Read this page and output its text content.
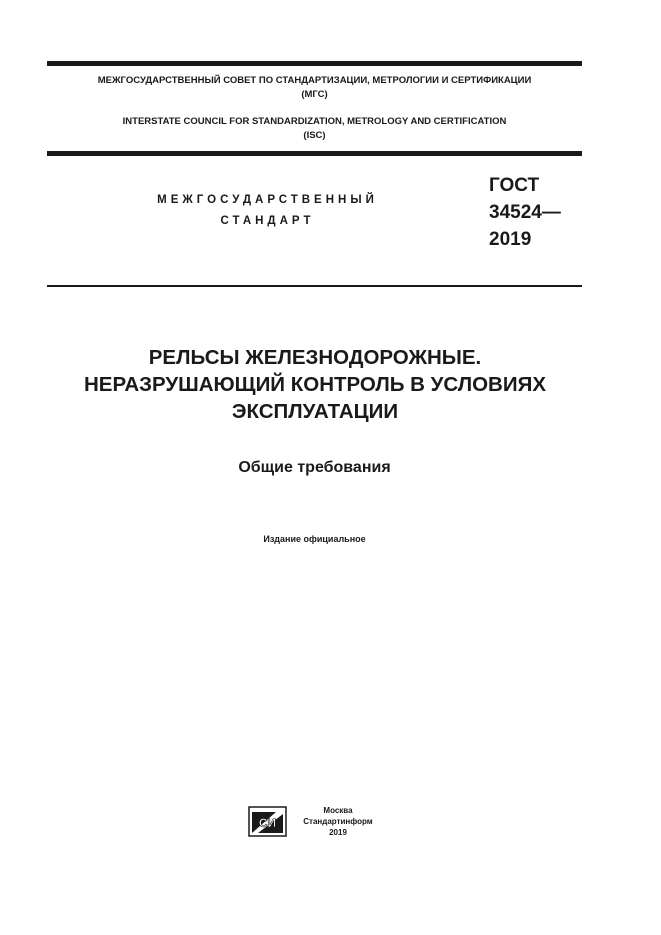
МЕЖГОСУДАРСТВЕННЫЙ СОВЕТ ПО СТАНДАРТИЗАЦИИ, МЕТРОЛОГИИ И СЕРТИФИКАЦИИ
(МГС)
INTERSTATE COUNCIL FOR STANDARDIZATION, METROLOGY AND CERTIFICATION
(ISC)
МЕЖГОСУДАРСТВЕННЫЙ
СТАНДАРТ
ГОСТ
34524—
2019
РЕЛЬСЫ ЖЕЛЕЗНОДОРОЖНЫЕ.
НЕРАЗРУШАЮЩИЙ КОНТРОЛЬ В УСЛОВИЯХ
ЭКСПЛУАТАЦИИ
Общие требования
Издание официальное
СИ
Москва
Стандартинформ
2019
